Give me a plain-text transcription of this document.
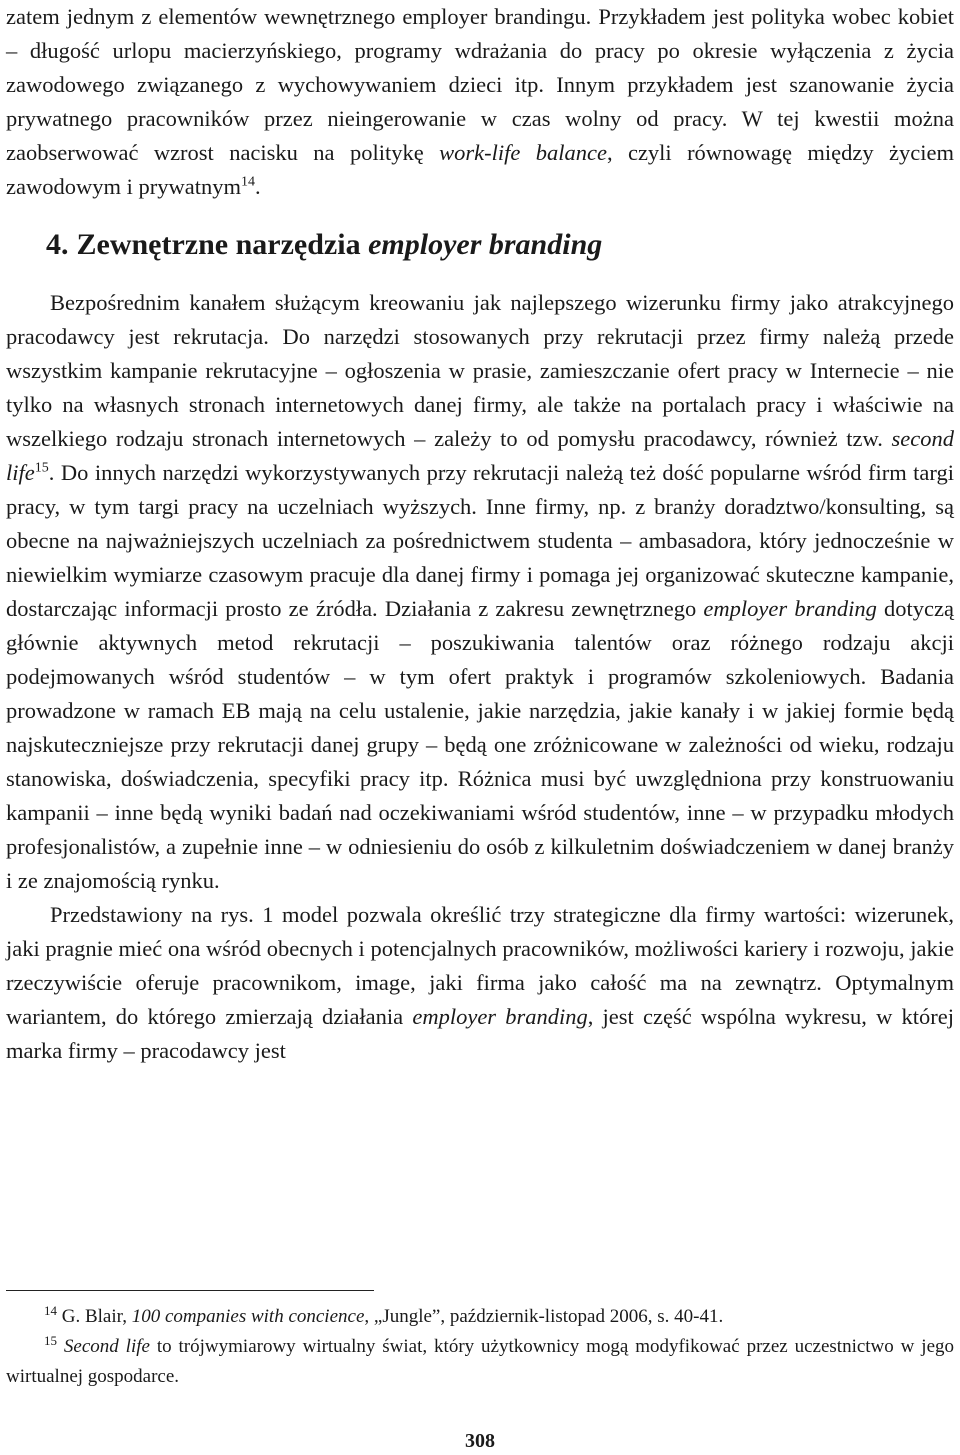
zatem jednym z elementów wewnętrznego employer brandingu. Przykładem jest polityka wobec kobiet – długość urlopu macierzyńskiego, programy wdrażania do pracy po okresie wyłączenia z życia zawodowego związanego z wychowywaniem dzieci itp. Innym przykładem jest szanowanie życia prywatnego pracowników przez nieingerowanie w czas wolny od pracy. W tej kwestii można zaobserwować wzrost nacisku na politykę work-life balance, czyli równowagę między życiem zawodowym i prywatnym$^{14}$.

4. Zewnętrzne narzędzia employer branding

Bezpośrednim kanałem służącym kreowaniu jak najlepszego wizerunku firmy jako atrakcyjnego pracodawcy jest rekrutacja. Do narzędzi stosowanych przy rekrutacji przez firmy należą przede wszystkim kampanie rekrutacyjne – ogłoszenia w prasie, zamieszczanie ofert pracy w Internecie – nie tylko na własnych stronach internetowych danej firmy, ale także na portalach pracy i właściwie na wszelkiego rodzaju stronach internetowych – zależy to od pomysłu pracodawcy, również tzw. second life$^{15}$. Do innych narzędzi wykorzystywanych przy rekrutacji należą też dość popularne wśród firm targi pracy, w tym targi pracy na uczelniach wyższych. Inne firmy, np. z branży doradztwo/konsulting, są obecne na najważniejszych uczelniach za pośrednictwem studenta – ambasadora, który jednocześnie w niewielkim wymiarze czasowym pracuje dla danej firmy i pomaga jej organizować skuteczne kampanie, dostarczając informacji prosto ze źródła. Działania z zakresu zewnętrznego employer branding dotyczą głównie aktywnych metod rekrutacji – poszukiwania talentów oraz różnego rodzaju akcji podejmowanych wśród studentów – w tym ofert praktyk i programów szkoleniowych. Badania prowadzone w ramach EB mają na celu ustalenie, jakie narzędzia, jakie kanały i w jakiej formie będą najskuteczniejsze przy rekrutacji danej grupy – będą one zróżnicowane w zależności od wieku, rodzaju stanowiska, doświadczenia, specyfiki pracy itp. Różnica musi być uwzględniona przy konstruowaniu kampanii – inne będą wyniki badań nad oczekiwaniami wśród studentów, inne – w przypadku młodych profesjonalistów, a zupełnie inne – w odniesieniu do osób z kilkuletnim doświadczeniem w danej branży i ze znajomością rynku.

Przedstawiony na rys. 1 model pozwala określić trzy strategiczne dla firmy wartości: wizerunek, jaki pragnie mieć ona wśród obecnych i potencjalnych pracowników, możliwości kariery i rozwoju, jakie rzeczywiście oferuje pracownikom, image, jaki firma jako całość ma na zewnątrz. Optymalnym wariantem, do którego zmierzają działania employer branding, jest część wspólna wykresu, w której marka firmy – pracodawcy jest

$^{14}$ G. Blair, 100 companies with concience, „Jungle”, październik-listopad 2006, s. 40-41.

$^{15}$ Second life to trójwymiarowy wirtualny świat, który użytkownicy mogą modyfikować przez uczestnictwo w jego wirtualnej gospodarce.

308
